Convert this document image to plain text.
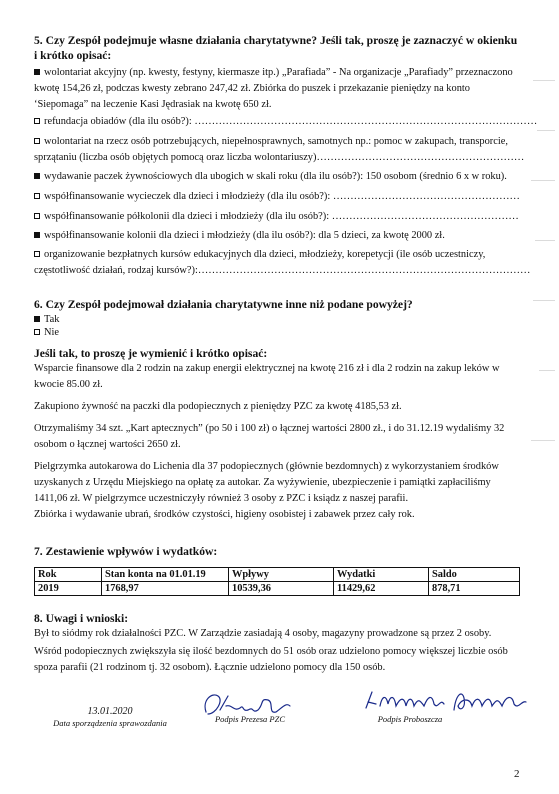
5. Czy Zespół podejmuje własne działania charytatywne? Jeśli tak, proszę je zaznaczyć w okienku
i krótko opisać:
wolontariat akcyjny (np. kwesty, festyny, kiermasze itp.) „Parafiada” - Na organizacje „Parafiady” przeznaczono
kwotę 154,26 zł, podczas kwesty zebrano 247,42 zł. Zbiórka do puszek i przekazanie pieniędzy na konto
‘Siepomaga” na leczenie Kasi Jędrasiak na kwotę 650 zł.
refundacja obiadów (dla ilu osób?): ………………………………………………………………………………………
wolontariat na rzecz osób potrzebujących, niepełnosprawnych, samotnych np.: pomoc w zakupach, transporcie,
sprzątaniu (liczba osób objętych pomocą oraz liczba wolontariuszy)……………………………………………………
wydawanie paczek żywnościowych dla ubogich w skali roku (dla ilu osób?): 150 osobom (średnio 6 x w roku).
współfinansowanie wycieczek dla dzieci i młodzieży (dla ilu osób?): ………………………………………………
współfinansowanie półkolonii dla dzieci i młodzieży (dla ilu osób?): ………………………………………………
współfinansowanie kolonii dla dzieci i młodzieży (dla ilu osób?): dla 5 dzieci, za kwotę 2000 zł.
organizowanie bezpłatnych kursów edukacyjnych dla dzieci, młodzieży, korepetycji (ile osób uczestniczy,
częstotliwość działań, rodzaj kursów?):……………………………………………………………………………………
6. Czy Zespół podejmował działania charytatywne inne niż podane powyżej?
Tak
Nie
Jeśli tak, to proszę je wymienić i krótko opisać:
Wsparcie finansowe dla 2 rodzin na zakup energii elektrycznej na kwotę 216 zł i dla 2 rodzin na zakup leków w
kwocie 85.00 zł.
Zakupiono żywność na paczki dla podopiecznych z pieniędzy PZC za kwotę 4185,53 zł.
Otrzymaliśmy 34 szt. „Kart aptecznych” (po 50 i 100 zł) o łącznej wartości 2800 zł., i do 31.12.19 wydaliśmy 32
osobom o łącznej wartości 2650 zł.
Pielgrzymka autokarowa do Lichenia dla 37 podopiecznych (głównie bezdomnych) z wykorzystaniem środków
uzyskanych z Urzędu Miejskiego na opłatę za autokar. Za wyżywienie, ubezpieczenie i pamiątki zapłaciliśmy
1411,06 zł. W pielgrzymce uczestniczyły również 3 osoby z PZC i ksiądz z naszej parafii.
Zbiórka i wydawanie ubrań, środków czystości, higieny osobistej i zabawek przez cały rok.
7. Zestawienie wpływów i wydatków:
Rok	Stan konta na 01.01.19	Wpływy	Wydatki	Saldo
2019	1768,97	10539,36	11429,62	878,71
8. Uwagi i wnioski:
Był to siódmy rok działalności PZC. W Zarządzie zasiadają 4 osoby, magazyny prowadzone są przez 2 osoby.
Wśród podopiecznych zwiększyła się ilość bezdomnych do 51 osób oraz udzielono pomocy większej liczbie osób
spoza parafii (21 rodzinom tj. 32 osobom). Łącznie udzielono pomocy dla 150 osób.
13.01.2020
Data sporządzenia sprawozdania	Podpis Prezesa PZC	Podpis Proboszcza
2
